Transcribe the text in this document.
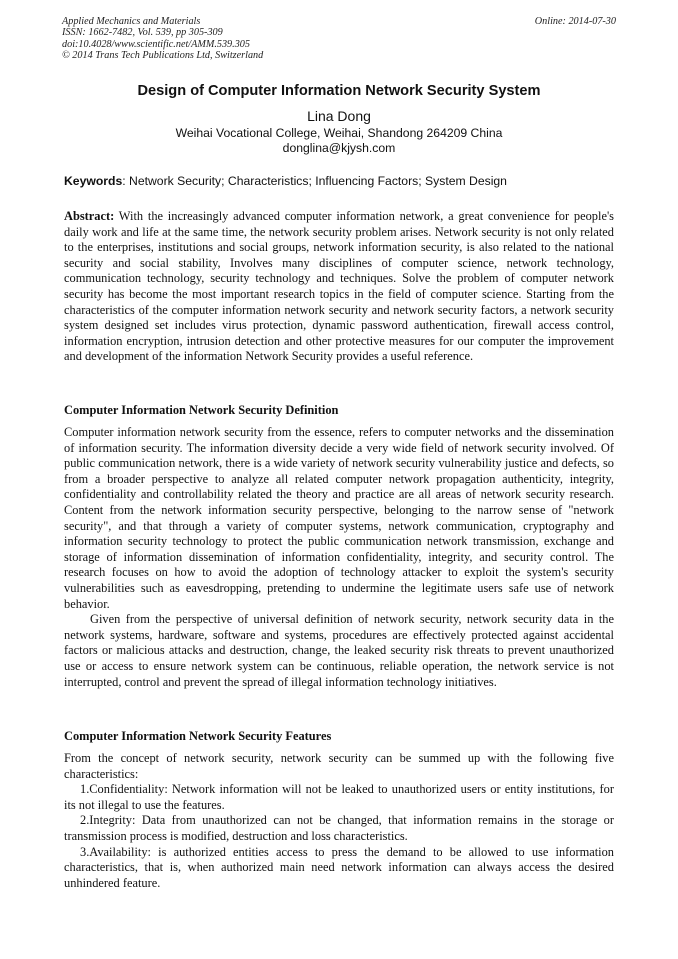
Applied Mechanics and Materials
ISSN: 1662-7482, Vol. 539, pp 305-309
doi:10.4028/www.scientific.net/AMM.539.305
© 2014 Trans Tech Publications Ltd, Switzerland
Online: 2014-07-30
Design of Computer Information Network Security System
Lina Dong
Weihai Vocational College, Weihai, Shandong 264209 China
donglina@kjysh.com
Keywords: Network Security; Characteristics; Influencing Factors; System Design
Abstract: With the increasingly advanced computer information network, a great convenience for people's daily work and life at the same time, the network security problem arises. Network security is not only related to the enterprises, institutions and social groups, network information security, is also related to the national security and social stability, Involves many disciplines of computer science, network technology, communication technology, security technology and techniques. Solve the problem of computer network security has become the most important research topics in the field of computer science. Starting from the characteristics of the computer information network security and network security factors, a network security system designed set includes virus protection, dynamic password authentication, firewall access control, information encryption, intrusion detection and other protective measures for our computer the improvement and development of the information Network Security provides a useful reference.
Computer Information Network Security Definition

Computer information network security from the essence, refers to computer networks and the dissemination of information security. The information diversity decide a very wide field of network security involved. Of public communication network, there is a wide variety of network security vulnerability justice and defects, so from a broader perspective to analyze all related computer network propagation authenticity, integrity, confidentiality and controllability related the theory and practice are all areas of network security research. Content from the network information security perspective, belonging to the narrow sense of "network security", and that through a variety of computer systems, network communication, cryptography and information security technology to protect the public communication network transmission, exchange and storage of information dissemination of information confidentiality, integrity, and security control. The research focuses on how to avoid the adoption of technology attacker to exploit the system's security vulnerabilities such as eavesdropping, pretending to undermine the legitimate users safe use of network behavior.

Given from the perspective of universal definition of network security, network security data in the network systems, hardware, software and systems, procedures are effectively protected against accidental factors or malicious attacks and destruction, change, the leaked security risk threats to prevent unauthorized use or access to ensure network system can be continuous, reliable operation, the network service is not interrupted, control and prevent the spread of illegal information technology initiatives.

Computer Information Network Security Features

From the concept of network security, network security can be summed up with the following five characteristics:

1.Confidentiality: Network information will not be leaked to unauthorized users or entity institutions, for its not illegal to use the features.

2.Integrity: Data from unauthorized can not be changed, that information remains in the storage or transmission process is modified, destruction and loss characteristics.

3.Availability: is authorized entities access to press the demand to be allowed to use information characteristics, that is, when authorized main need network information can always access the desired unhindered feature.
